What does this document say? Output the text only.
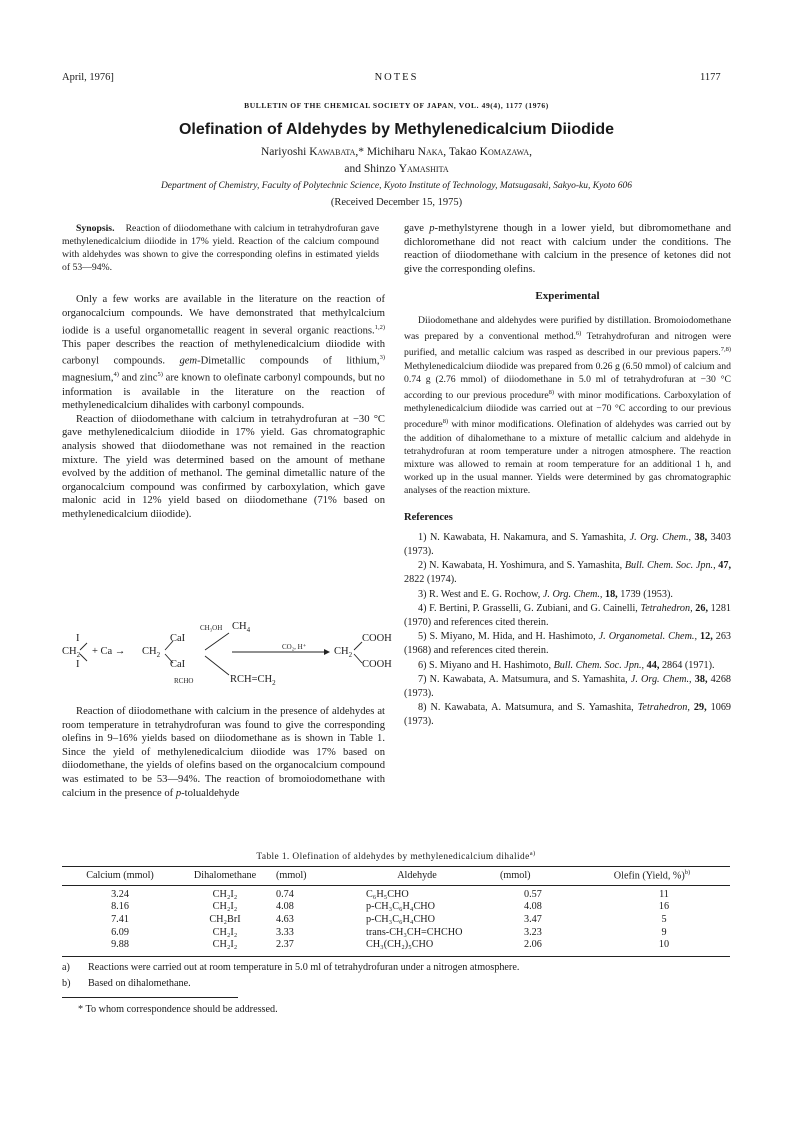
April, 1976]	NOTES	1177
BULLETIN OF THE CHEMICAL SOCIETY OF JAPAN, VOL. 49(4), 1177 (1976)
Olefination of Aldehydes by Methylenedicalcium Diiodide
Nariyoshi Kawabata,* Michiharu Naka, Takao Komazawa,
and Shinzo Yamashita
Department of Chemistry, Faculty of Polytechnic Science, Kyoto Institute of Technology, Matsugasaki, Sakyo-ku, Kyoto 606
(Received December 15, 1975)

Synopsis. Reaction of diiodomethane with calcium in tetrahydrofuran gave methylenedicalcium diiodide in 17% yield. Reaction of the calcium compound with aldehydes was shown to give the corresponding olefins in estimated yields of 53—94%.

Only a few works are available in the literature on the reaction of organocalcium compounds. We have demonstrated that methylcalcium iodide is a useful organometallic reagent in several organic reactions.$^{1,2)}$ This paper describes the reaction of methylenedicalcium diiodide with carbonyl compounds. gem-Dimetallic compounds of lithium,$^{3)}$ magnesium,$^{4)}$ and zinc$^{5)}$ are known to olefinate carbonyl compounds, but no information is available in the literature on the reaction of methylenedicalcium dihalides with carbonyl compounds.

Reaction of diiodomethane with calcium in tetrahydrofuran at −30 °C gave methylenedicalcium diiodide in 17% yield. Gas chromatographic analysis showed that diiodomethane was not remained in the reaction mixture. The yield was determined based on the amount of methane evolved by the addition of methanol. The geminal dimetallic nature of the organocalcium compound was confirmed by carboxylation, which gave malonic acid in 12% yield based on diiodomethane (71% based on methylenedicalcium diiodide).

I
$CH_2$
I
+ $Ca \to CH_2$
CaI
CaI
CH₃OH $CH_4$
CO₂, H⁺	$CH_2$
COOH
COOH
RCHO	$RCH=CH_2$

Reaction of diiodomethane with calcium in the presence of aldehydes at room temperature in tetrahydrofuran was found to give the corresponding olefins in 9–16% yields based on diiodomethane as is shown in Table 1. Since the yield of methylenedicalcium diiodide was 17% based on diiodomethane, the yields of olefins based on the organocalcium compound was estimated to be 53—94%. The reaction of bromoiodomethane with calcium in the presence of p-tolualdehyde

gave p-methylstyrene though in a lower yield, but dibromomethane and dichloromethane did not react with calcium under the conditions. The reaction of diiodomethane with calcium in the presence of ketones did not give the corresponding olefins.

Experimental

Diiodomethane and aldehydes were purified by distillation. Bromoiodomethane was prepared by a conventional method.$^{6)}$ Tetrahydrofuran and nitrogen were purified, and metallic calcium was rasped as described in our previous papers.$^{7,8)}$ Methylenedicalcium diiodide was prepared from 0.26 g (6.50 mmol) of calcium and 0.74 g (2.76 mmol) of diiodomethane in 5.0 ml of tetrahydrofuran at −30 °C according to our previous procedure$^{8)}$ with minor modifications. Carboxylation of methylenedicalcium diiodide was carried out at −70 °C according to our previous procedure$^{8)}$ with minor modifications. Olefination of aldehydes was carried out by the addition of dihalomethane to a mixture of metallic calcium and aldehyde in tetrahydrofuran at room temperature under a nitrogen atmosphere. The reaction mixture was allowed to remain at room temperature for an additional 1 h, and worked up in the usual manner. Yields were determined by gas chromatographic analyses of the reaction mixture.

References
1) N. Kawabata, H. Nakamura, and S. Yamashita, J. Org. Chem., 38, 3403 (1973).
2) N. Kawabata, H. Yoshimura, and S. Yamashita, Bull. Chem. Soc. Jpn., 47, 2822 (1974).
3) R. West and E. G. Rochow, J. Org. Chem., 18, 1739 (1953).
4) F. Bertini, P. Grasselli, G. Zubiani, and G. Cainelli, Tetrahedron, 26, 1281 (1970) and references cited therein.
5) S. Miyano, M. Hida, and H. Hashimoto, J. Organometal. Chem., 12, 263 (1968) and references cited therein.
6) S. Miyano and H. Hashimoto, Bull. Chem. Soc. Jpn., 44, 2864 (1971).
7) N. Kawabata, A. Matsumura, and S. Yamashita, J. Org. Chem., 38, 4268 (1973).
8) N. Kawabata, A. Matsumura, and S. Yamashita, Tetrahedron, 29, 1069 (1973).
Table 1. Olefination of aldehydes by methylenedicalcium dihalide$^{a)}$
Calcium (mmol)	Dihalomethane	(mmol)	Aldehyde	(mmol)	Olefin (Yield, %)$^{b)}$
3.24	CH₂I₂	0.74	C₆H₅CHO	0.57	11
8.16	CH₂I₂	4.08	p-CH₃C₆H₄CHO	4.08	16
7.41	CH₂BrI	4.63	p-CH₃C₆H₄CHO	3.47	5
6.09	CH₂I₂	3.33	trans-CH₃CH=CHCHO	3.23	9
9.88	CH₂I₂	2.37	CH₃(CH₂)₅CHO	2.06	10
a) Reactions were carried out at room temperature in 5.0 ml of tetrahydrofuran under a nitrogen atmosphere.
b) Based on dihalomethane.
* To whom correspondence should be addressed.
